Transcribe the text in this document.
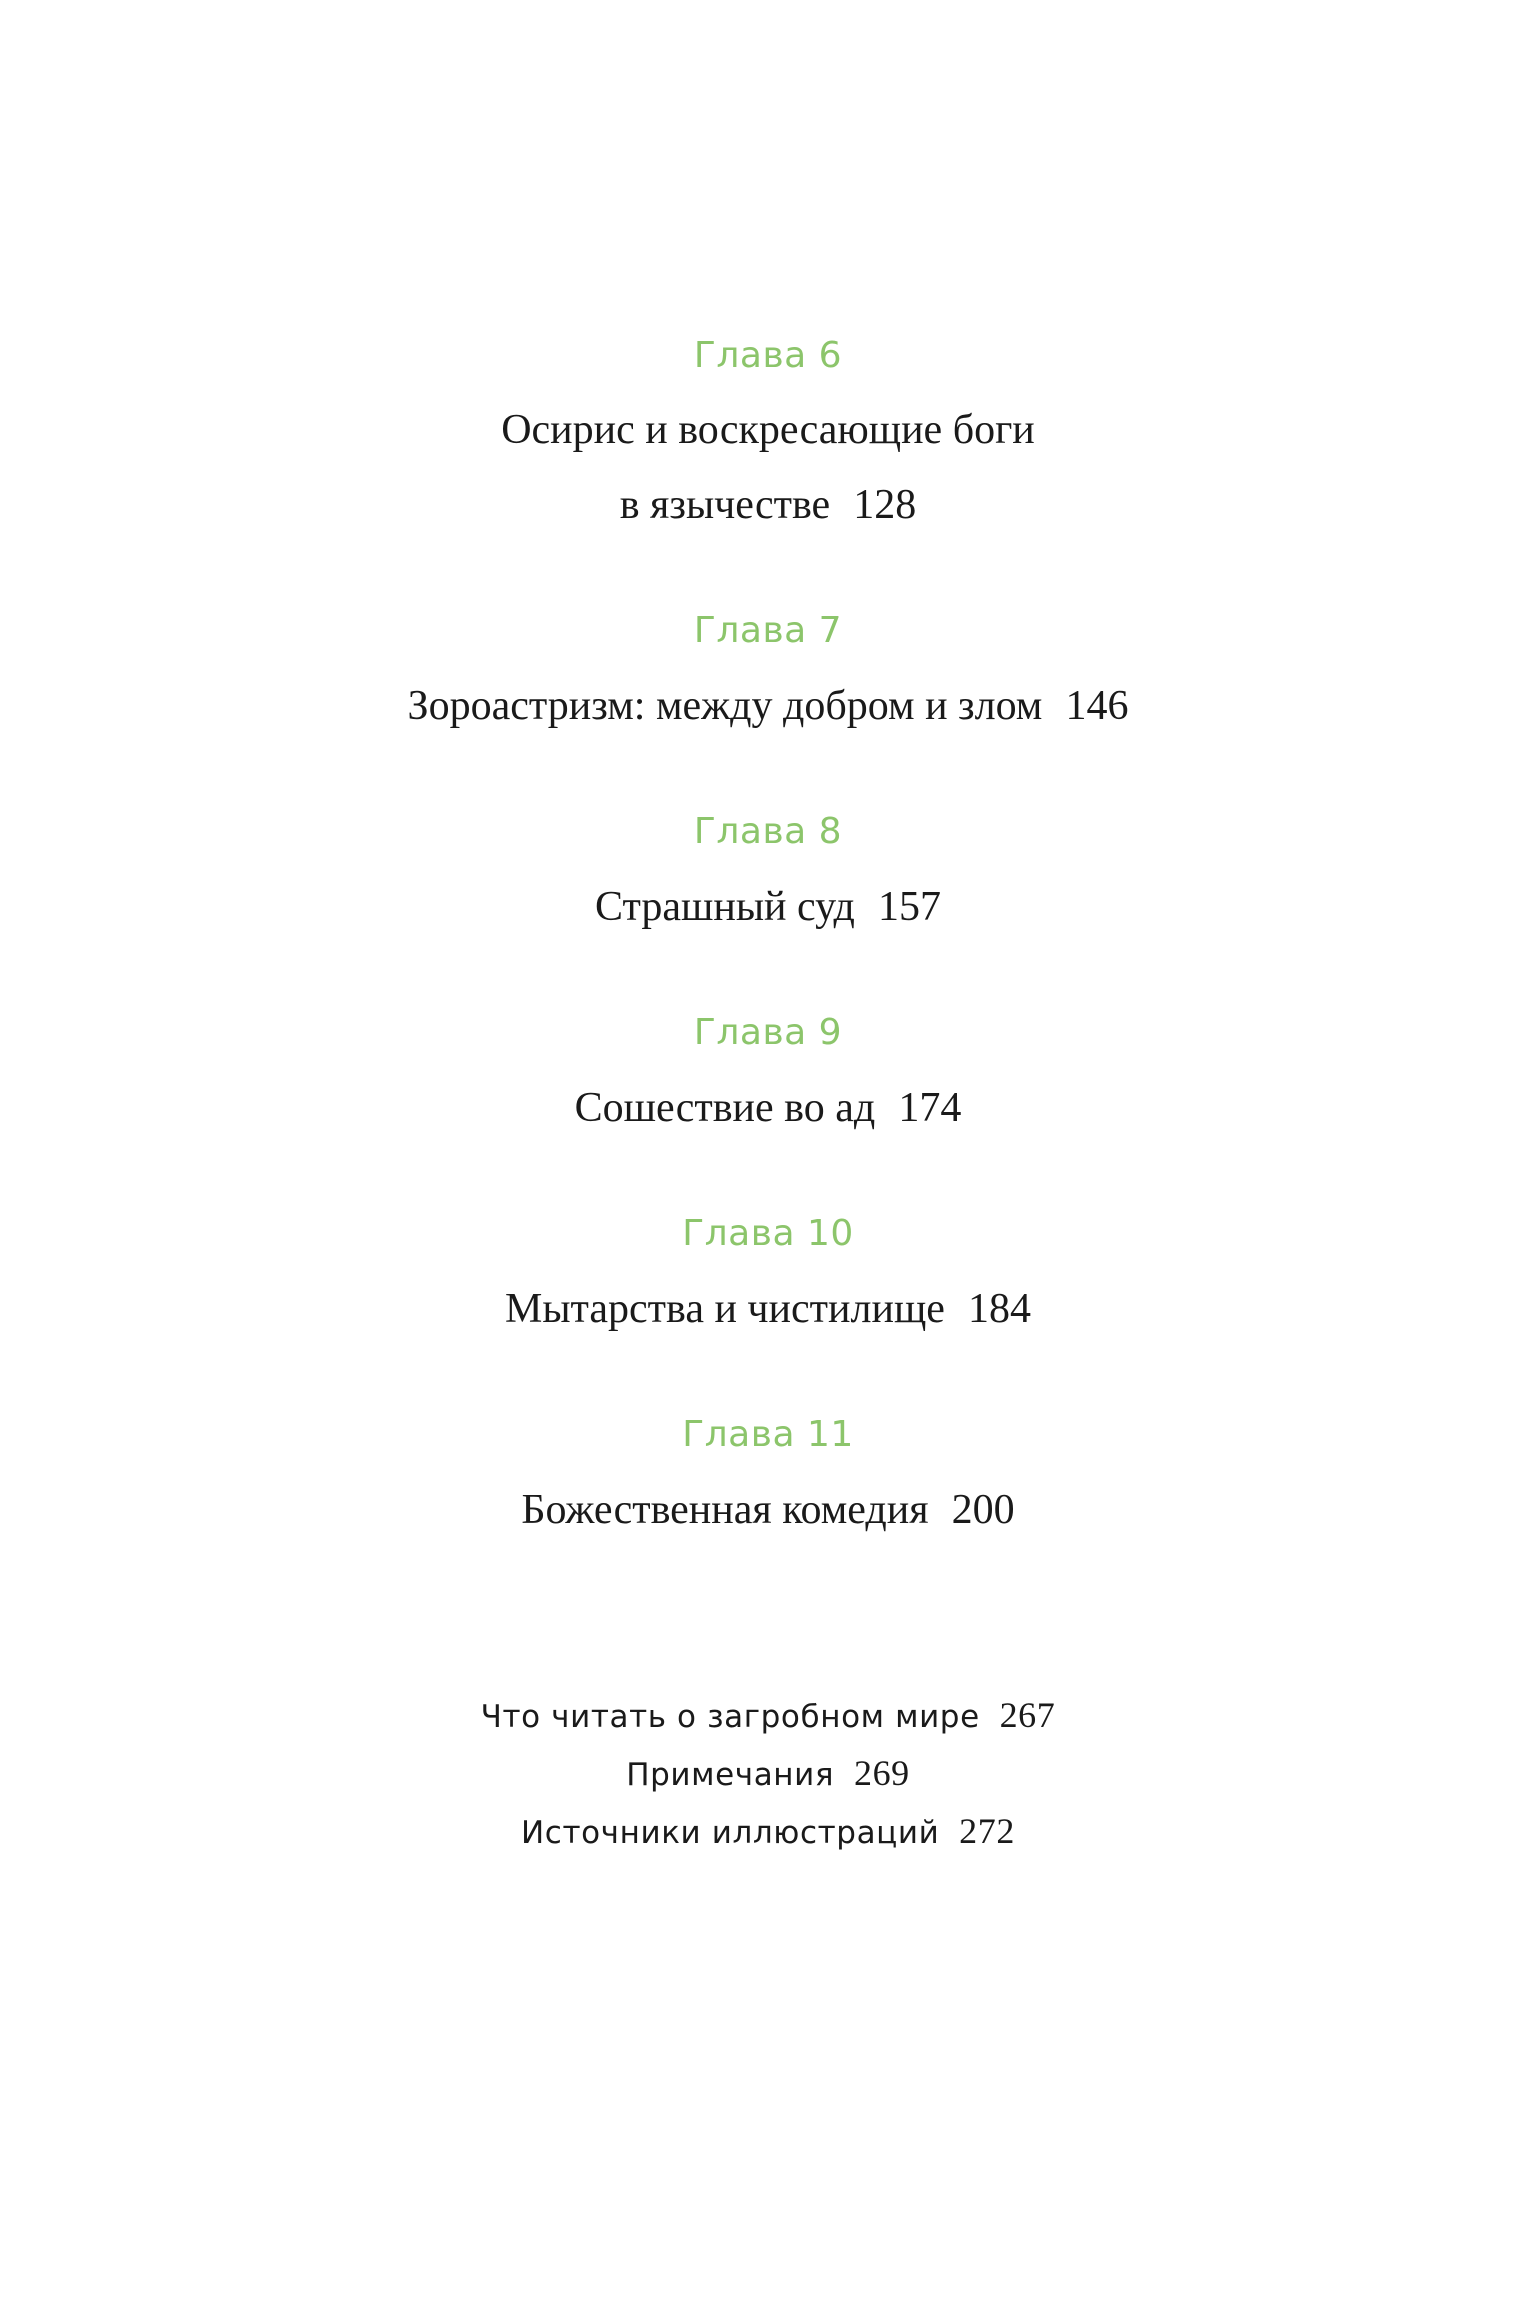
Глава 6
Осирис и воскресающие боги
в язычестве 128
Глава 7
Зороастризм: между добром и злом 146
Глава 8
Страшный суд 157
Глава 9
Сошествие во ад 174
Глава 10
Мытарства и чистилище 184
Глава 11
Божественная комедия 200
Что читать о загробном мире 267
Примечания 269
Источники иллюстраций 272
